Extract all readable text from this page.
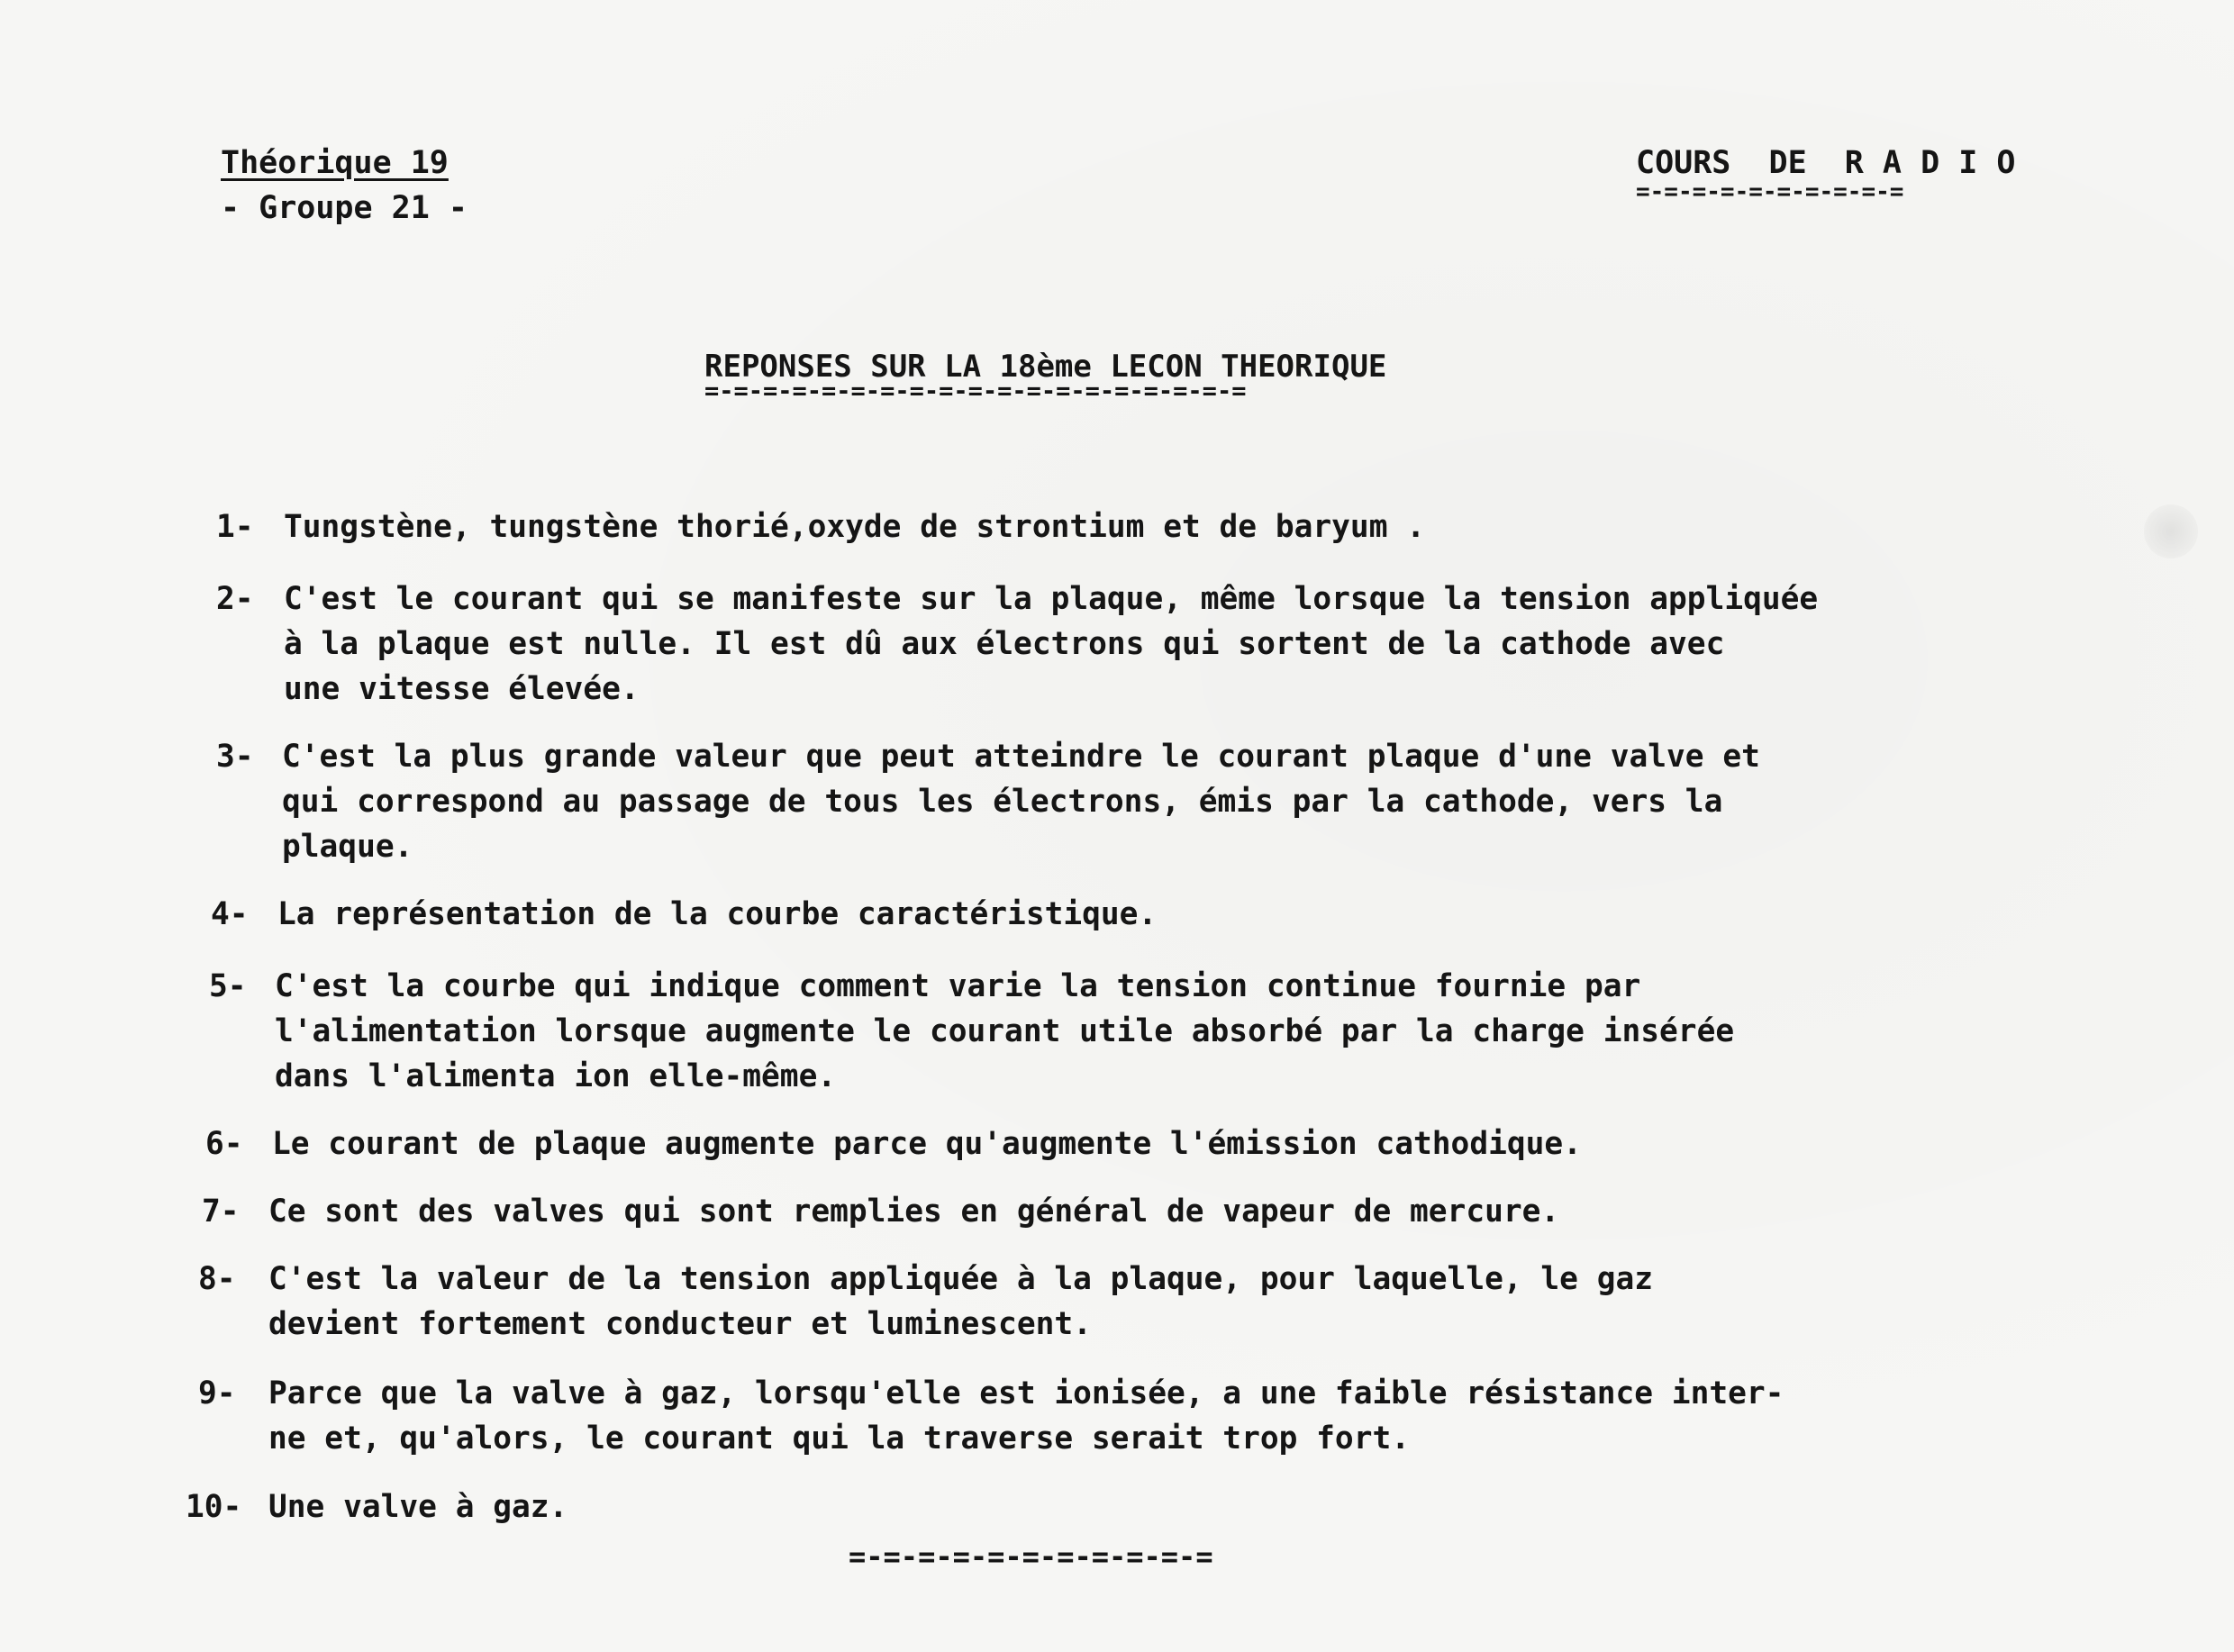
Théorique 19
- Groupe 21 -
COURS  DE  R A D I O
=-=-=-=-=-=-=-=-=-=
REPONSES SUR LA 18ème LECON THEORIQUE
=-=-=-=-=-=-=-=-=-=-=-=-=-=-=-=-=-=-=
1- Tungstène, tungstène thorié,oxyde de strontium et de baryum .
2- C'est le courant qui se manifeste sur la plaque, même lorsque la tension appliquée
à la plaque est nulle. Il est dû aux électrons qui sortent de la cathode avec
une vitesse élevée.
3- C'est la plus grande valeur que peut atteindre le courant plaque d'une valve et
qui correspond au passage de tous les électrons, émis par la cathode, vers la
plaque.
4- La représentation de la courbe caractéristique.
5- C'est la courbe qui indique comment varie la tension continue fournie par
l'alimentation lorsque augmente le courant utile absorbé par la charge insérée
dans l'alimenta ion elle-même.
6- Le courant de plaque augmente parce qu'augmente l'émission cathodique.
7- Ce sont des valves qui sont remplies en général de vapeur de mercure.
8- C'est la valeur de la tension appliquée à la plaque, pour laquelle, le gaz
devient fortement conducteur et luminescent.
9- Parce que la valve à gaz, lorsqu'elle est ionisée, a une faible résistance inter-
ne et, qu'alors, le courant qui la traverse serait trop fort.
10- Une valve à gaz.
=-=-=-=-=-=-=-=-=-=-=
